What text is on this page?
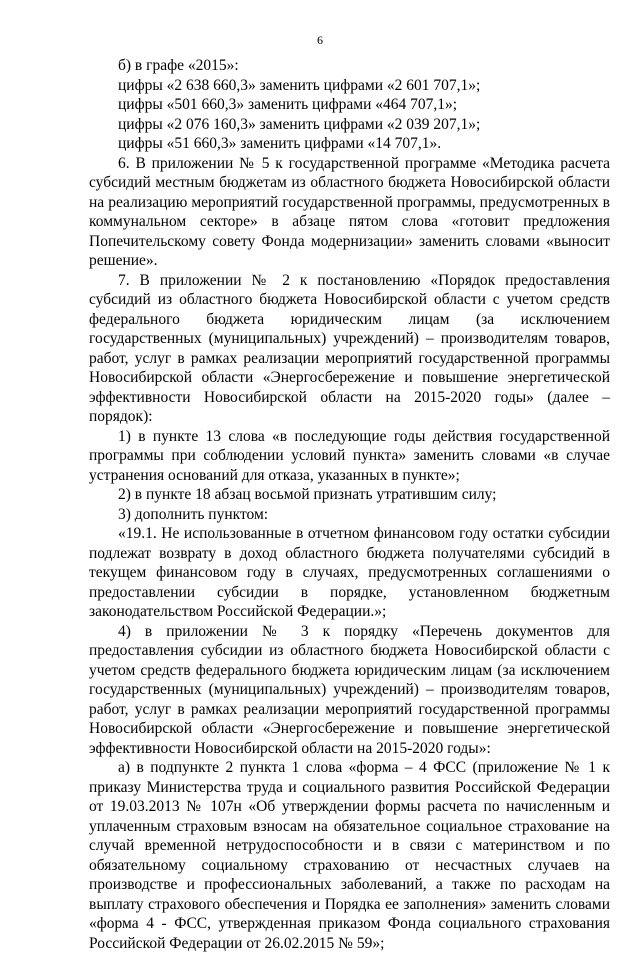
6

б) в графе «2015»:

цифры «2 638 660,3» заменить цифрами «2 601 707,1»;

цифры «501 660,3» заменить цифрами «464 707,1»;

цифры «2 076 160,3» заменить цифрами «2 039 207,1»;

цифры «51 660,3» заменить цифрами «14 707,1».

6. В приложении № 5 к государственной программе «Методика расчета субсидий местным бюджетам из областного бюджета Новосибирской области на реализацию мероприятий государственной программы, предусмотренных в коммунальном секторе» в абзаце пятом слова «готовит предложения Попечительскому совету Фонда модернизации» заменить словами «выносит решение».

7. В приложении № 2 к постановлению «Порядок предоставления субсидий из областного бюджета Новосибирской области с учетом средств федерального бюджета юридическим лицам (за исключением государственных (муниципальных) учреждений) – производителям товаров, работ, услуг в рамках реализации мероприятий государственной программы Новосибирской области «Энергосбережение и повышение энергетической эффективности Новосибирской области на 2015-2020 годы» (далее – порядок):

1) в пункте 13 слова «в последующие годы действия государственной программы при соблюдении условий пункта» заменить словами «в случае устранения оснований для отказа, указанных в пункте»;

2) в пункте 18 абзац восьмой признать утратившим силу;

3) дополнить пунктом:

«19.1. Не использованные в отчетном финансовом году остатки субсидии подлежат возврату в доход областного бюджета получателями субсидий в текущем финансовом году в случаях, предусмотренных соглашениями о предоставлении субсидии в порядке, установленном бюджетным законодательством Российской Федерации.»;

4) в приложении № 3 к порядку «Перечень документов для предоставления субсидии из областного бюджета Новосибирской области с учетом средств федерального бюджета юридическим лицам (за исключением государственных (муниципальных) учреждений) – производителям товаров, работ, услуг в рамках реализации мероприятий государственной программы Новосибирской области «Энергосбережение и повышение энергетической эффективности Новосибирской области на 2015-2020 годы»:

а) в подпункте 2 пункта 1 слова «форма – 4 ФСС (приложение № 1 к приказу Министерства труда и социального развития Российской Федерации от 19.03.2013 № 107н «Об утверждении формы расчета по начисленным и уплаченным страховым взносам на обязательное социальное страхование на случай временной нетрудоспособности и в связи с материнством и по обязательному социальному страхованию от несчастных случаев на производстве и профессиональных заболеваний, а также по расходам на выплату страхового обеспечения и Порядка ее заполнения» заменить словами «форма 4 - ФСС, утвержденная приказом Фонда социального страхования Российской Федерации от 26.02.2015 № 59»;
